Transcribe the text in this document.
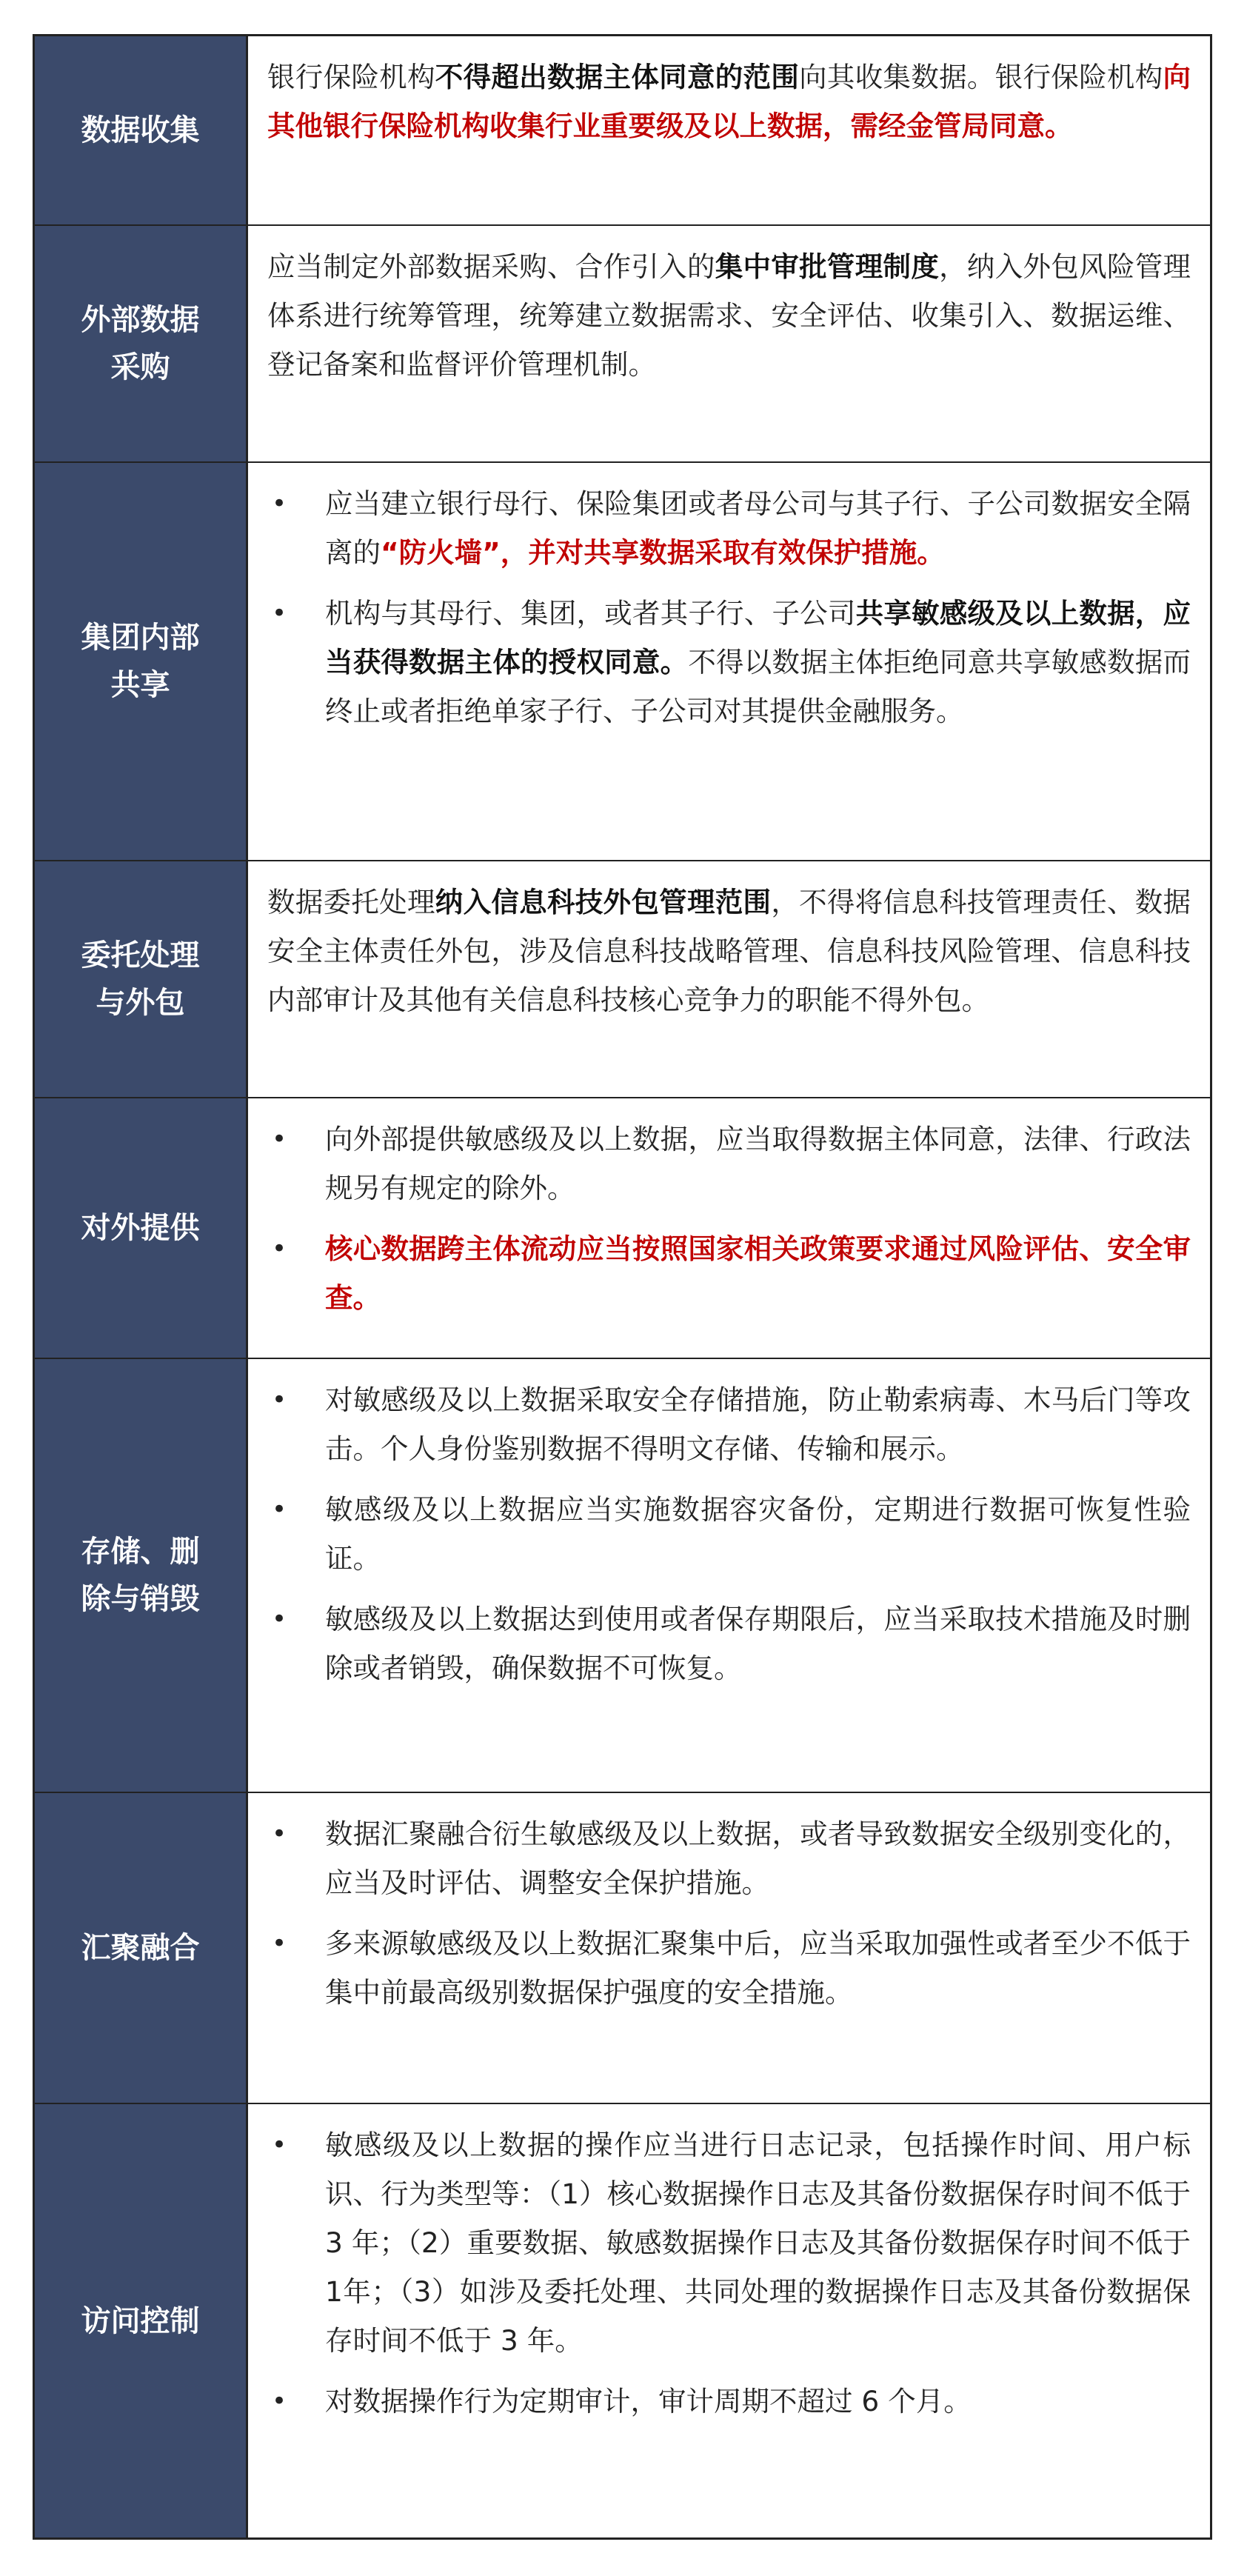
数据收集

银行保险机构不得超出数据主体同意的范围向其收集数据。银行保险机构向其他银行保险机构收集行业重要级及以上数据，需经金管局同意。

外部数据
采购

应当制定外部数据采购、合作引入的集中审批管理制度，纳入外包风险管理体系进行统筹管理，统筹建立数据需求、安全评估、收集引入、数据运维、登记备案和监督评价管理机制。

集团内部
共享
• 应当建立银行母行、保险集团或者母公司与其子行、子公司数据安全隔离的“防火墙”，并对共享数据采取有效保护措施。
• 机构与其母行、集团，或者其子行、子公司共享敏感级及以上数据，应当获得数据主体的授权同意。不得以数据主体拒绝同意共享敏感数据而终止或者拒绝单家子行、子公司对其提供金融服务。
委托处理
与外包

数据委托处理纳入信息科技外包管理范围，不得将信息科技管理责任、数据安全主体责任外包，涉及信息科技战略管理、信息科技风险管理、信息科技内部审计及其他有关信息科技核心竞争力的职能不得外包。

对外提供
• 向外部提供敏感级及以上数据，应当取得数据主体同意，法律、行政法规另有规定的除外。
• 核心数据跨主体流动应当按照国家相关政策要求通过风险评估、安全审查。
存储、删
除与销毁
• 对敏感级及以上数据采取安全存储措施，防止勒索病毒、木马后门等攻击。个人身份鉴别数据不得明文存储、传输和展示。
• 敏感级及以上数据应当实施数据容灾备份，定期进行数据可恢复性验证。
• 敏感级及以上数据达到使用或者保存期限后，应当采取技术措施及时删除或者销毁，确保数据不可恢复。
汇聚融合
• 数据汇聚融合衍生敏感级及以上数据，或者导致数据安全级别变化的，应当及时评估、调整安全保护措施。
• 多来源敏感级及以上数据汇聚集中后，应当采取加强性或者至少不低于集中前最高级别数据保护强度的安全措施。
访问控制
• 敏感级及以上数据的操作应当进行日志记录，包括操作时间、用户标识、行为类型等：（1）核心数据操作日志及其备份数据保存时间不低于 3 年；（2）重要数据、敏感数据操作日志及其备份数据保存时间不低于1年；（3）如涉及委托处理、共同处理的数据操作日志及其备份数据保存时间不低于 3 年。
• 对数据操作行为定期审计，审计周期不超过 6 个月。
